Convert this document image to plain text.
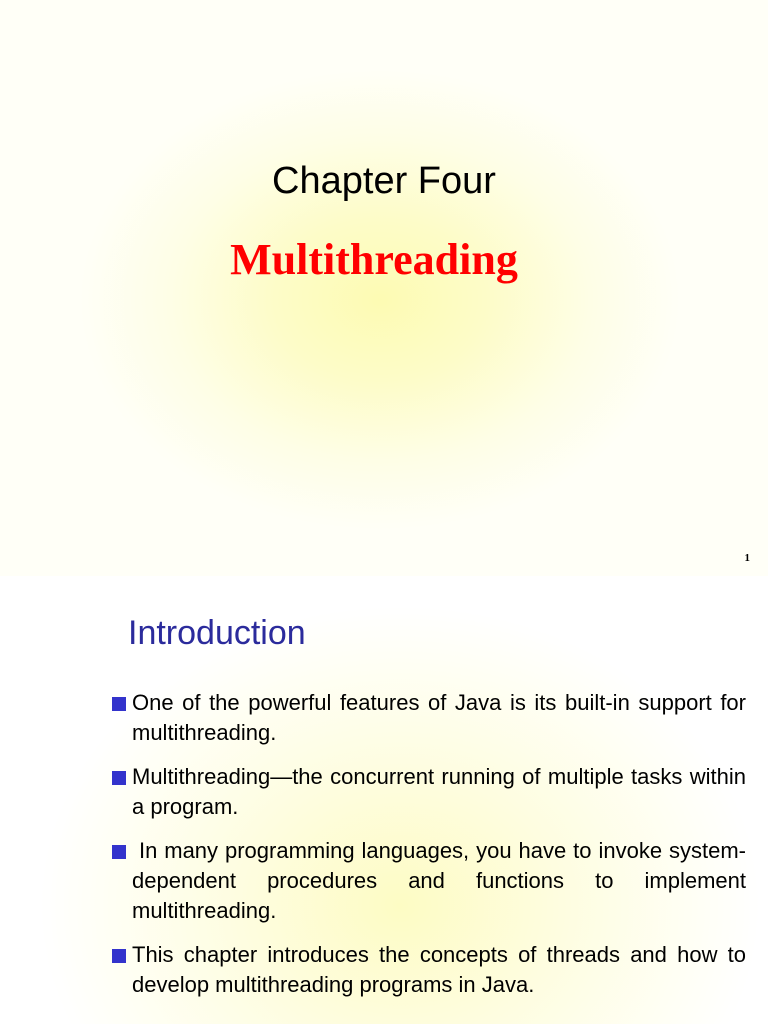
Chapter Four
Multithreading
1
Introduction
One of the powerful features of Java is its built-in support for multithreading.
Multithreading—the concurrent running of multiple tasks within a program.
In many programming languages, you have to invoke system-dependent procedures and functions to implement multithreading.
This chapter introduces the concepts of threads and how to develop multithreading programs in Java.
